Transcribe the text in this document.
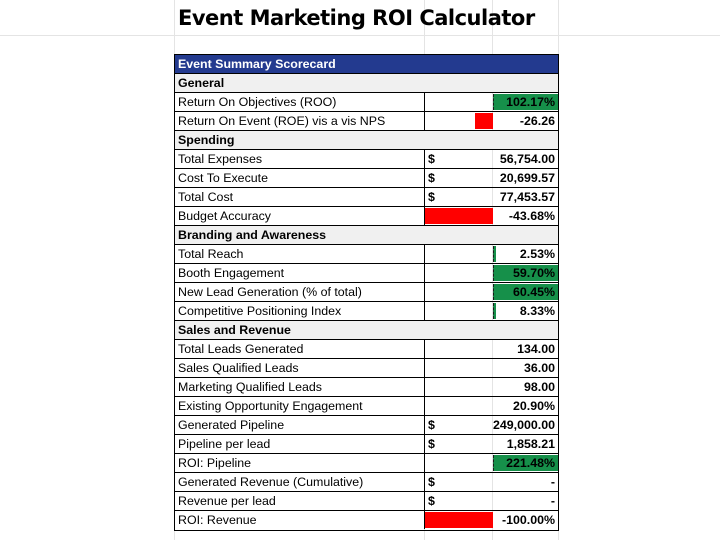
Event Marketing ROI Calculator
Event Summary Scorecard
General
Return On Objectives (ROO)	102.17%
Return On Event (ROE) vis a vis NPS	-26.26
Spending
Total Expenses	$	56,754.00
Cost To Execute	$	20,699.57
Total Cost	$	77,453.57
Budget Accuracy	-43.68%
Branding and Awareness
Total Reach	2.53%
Booth Engagement	59.70%
New Lead Generation (% of total)	60.45%
Competitive Positioning Index	8.33%
Sales and Revenue
Total Leads Generated	134.00
Sales Qualified Leads	36.00
Marketing Qualified Leads	98.00
Existing Opportunity Engagement	20.90%
Generated Pipeline	$	249,000.00
Pipeline per lead	$	1,858.21
ROI: Pipeline	221.48%
Generated Revenue (Cumulative)	$	-
Revenue per lead	$	-
ROI: Revenue	-100.00%
